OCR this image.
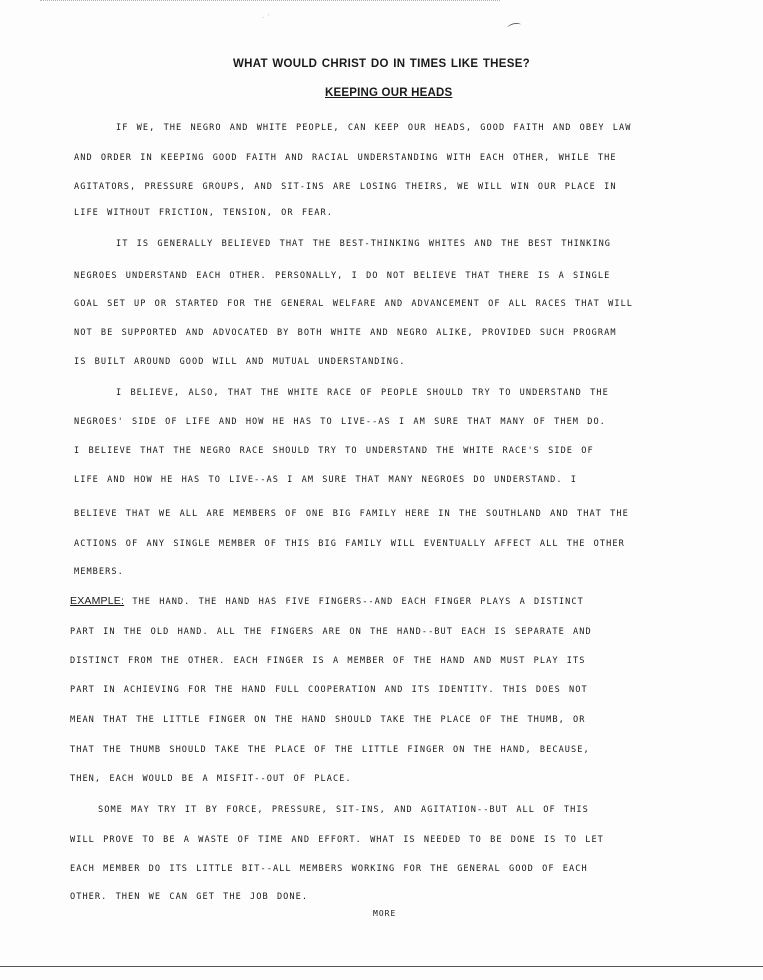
⌒
· ˊ
WHAT WOULD CHRIST DO IN TIMES LIKE THESE?
KEEPING OUR HEADS

IF WE, THE NEGRO AND WHITE PEOPLE, CAN KEEP OUR HEADS, GOOD FAITH AND OBEY LAW

AND ORDER IN KEEPING GOOD FAITH AND RACIAL UNDERSTANDING WITH EACH OTHER, WHILE THE

AGITATORS, PRESSURE GROUPS, AND SIT-INS ARE LOSING THEIRS, WE WILL WIN OUR PLACE IN

LIFE WITHOUT FRICTION, TENSION, OR FEAR.

IT IS GENERALLY BELIEVED THAT THE BEST-THINKING WHITES AND THE BEST THINKING

NEGROES UNDERSTAND EACH OTHER. PERSONALLY, I DO NOT BELIEVE THAT THERE IS A SINGLE

GOAL SET UP OR STARTED FOR THE GENERAL WELFARE AND ADVANCEMENT OF ALL RACES THAT WILL

NOT BE SUPPORTED AND ADVOCATED BY BOTH WHITE AND NEGRO ALIKE, PROVIDED SUCH PROGRAM

IS BUILT AROUND GOOD WILL AND MUTUAL UNDERSTANDING.

I BELIEVE, ALSO, THAT THE WHITE RACE OF PEOPLE SHOULD TRY TO UNDERSTAND THE

NEGROES' SIDE OF LIFE AND HOW HE HAS TO LIVE--AS I AM SURE THAT MANY OF THEM DO.

I BELIEVE THAT THE NEGRO RACE SHOULD TRY TO UNDERSTAND THE WHITE RACE'S SIDE OF

LIFE AND HOW HE HAS TO LIVE--AS I AM SURE THAT MANY NEGROES DO UNDERSTAND. I

BELIEVE THAT WE ALL ARE MEMBERS OF ONE BIG FAMILY HERE IN THE SOUTHLAND AND THAT THE

ACTIONS OF ANY SINGLE MEMBER OF THIS BIG FAMILY WILL EVENTUALLY AFFECT ALL THE OTHER

MEMBERS.

EXAMPLE: THE HAND. THE HAND HAS FIVE FINGERS--AND EACH FINGER PLAYS A DISTINCT

PART IN THE OLD HAND. ALL THE FINGERS ARE ON THE HAND--BUT EACH IS SEPARATE AND

DISTINCT FROM THE OTHER. EACH FINGER IS A MEMBER OF THE HAND AND MUST PLAY ITS

PART IN ACHIEVING FOR THE HAND FULL COOPERATION AND ITS IDENTITY. THIS DOES NOT

MEAN THAT THE LITTLE FINGER ON THE HAND SHOULD TAKE THE PLACE OF THE THUMB, OR

THAT THE THUMB SHOULD TAKE THE PLACE OF THE LITTLE FINGER ON THE HAND, BECAUSE,

THEN, EACH WOULD BE A MISFIT--OUT OF PLACE.

SOME MAY TRY IT BY FORCE, PRESSURE, SIT-INS, AND AGITATION--BUT ALL OF THIS

WILL PROVE TO BE A WASTE OF TIME AND EFFORT. WHAT IS NEEDED TO BE DONE IS TO LET

EACH MEMBER DO ITS LITTLE BIT--ALL MEMBERS WORKING FOR THE GENERAL GOOD OF EACH

OTHER. THEN WE CAN GET THE JOB DONE.

MORE
